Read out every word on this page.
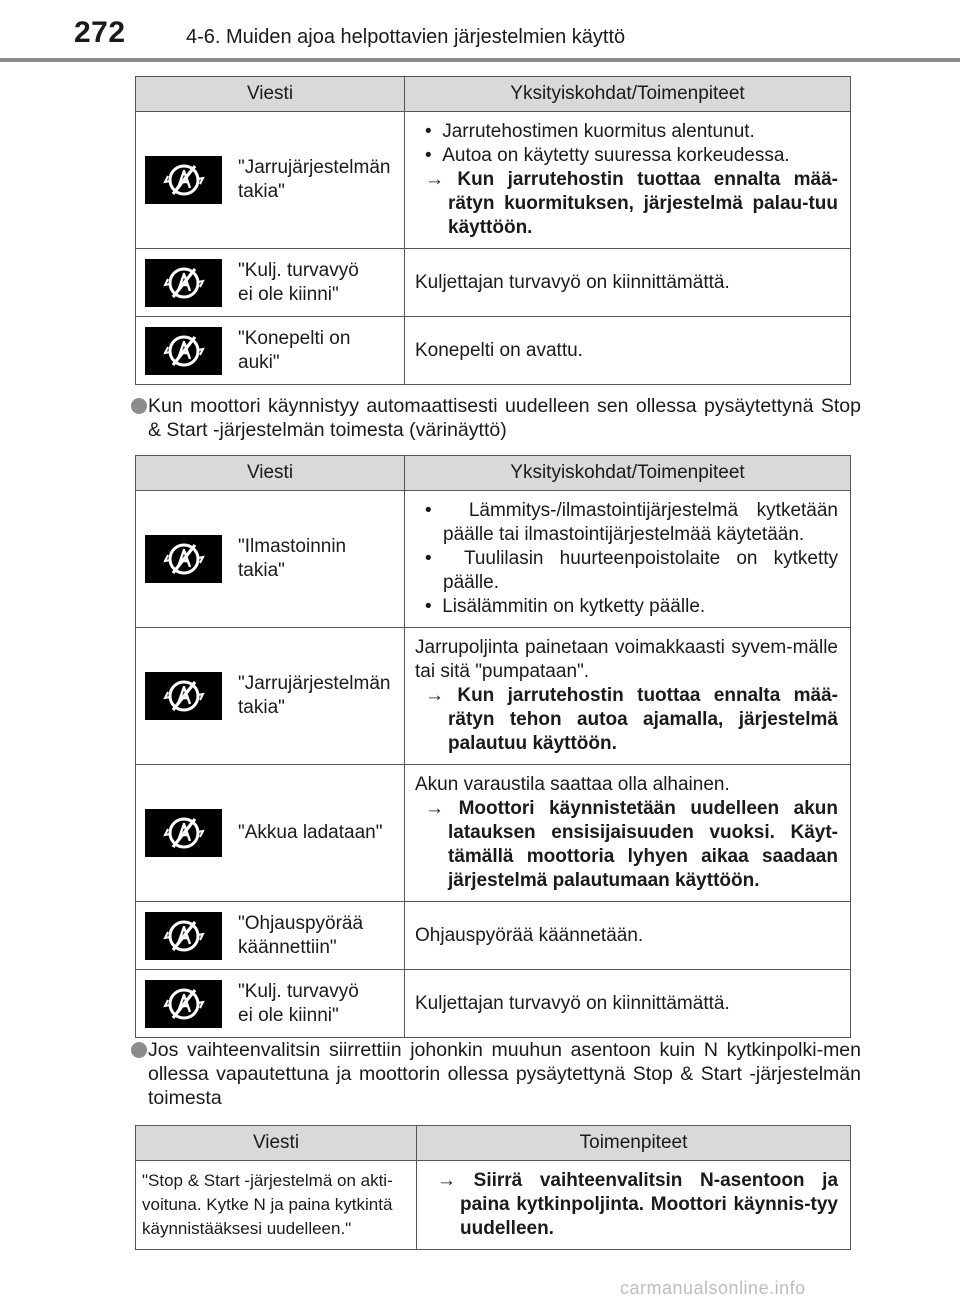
272	4-6. Muiden ajoa helpottavien järjestelmien käyttö
Viesti	Yksityiskohdat/Toimenpiteet

"Jarrujärjestelmän
takia"	•  Jarrutehostimen kuormitus alentunut.
•  Autoa on käytetty suuressa korkeudessa.
→ Kun jarrutehostin tuottaa ennalta mää-rätyn kuormituksen, järjestelmä palau-tuu käyttöön.

"Kulj. turvavyö
ei ole kiinni"	Kuljettajan turvavyö on kiinnittämättä.

"Konepelti on
auki"	Konepelti on avattu.
Kun moottori käynnistyy automaattisesti uudelleen sen ollessa pysäytettynä Stop & Start -järjestelmän toimesta (värinäyttö)
Viesti	Yksityiskohdat/Toimenpiteet

"Ilmastoinnin
takia"	•  Lämmitys-/ilmastointijärjestelmä kytketään päälle tai ilmastointijärjestelmää käytetään.
•  Tuulilasin huurteenpoistolaite on kytketty päälle.
•  Lisälämmitin on kytketty päälle.

"Jarrujärjestelmän
takia"	Jarrupoljinta painetaan voimakkaasti syvem-mälle tai sitä "pumpataan".
→ Kun jarrutehostin tuottaa ennalta mää-rätyn tehon autoa ajamalla, järjestelmä palautuu käyttöön.

"Akkua ladataan"	Akun varaustila saattaa olla alhainen.
→ Moottori käynnistetään uudelleen akun latauksen ensisijaisuuden vuoksi. Käyt-tämällä moottoria lyhyen aikaa saadaan järjestelmä palautumaan käyttöön.

"Ohjauspyörää
käännettiin"	Ohjauspyörää käännetään.

"Kulj. turvavyö
ei ole kiinni"	Kuljettajan turvavyö on kiinnittämättä.
Jos vaihteenvalitsin siirrettiin johonkin muuhun asentoon kuin N kytkinpolki-men ollessa vapautettuna ja moottorin ollessa pysäytettynä Stop & Start -järjestelmän toimesta
Viesti	Toimenpiteet

"Stop & Start -järjestelmä on akti-
voituna. Kytke N ja paina kytkintä
käynnistääksesi uudelleen."	→ Siirrä vaihteenvalitsin N-asentoon ja paina kytkinpoljinta. Moottori käynnis-tyy uudelleen.
carmanualsonline.info
